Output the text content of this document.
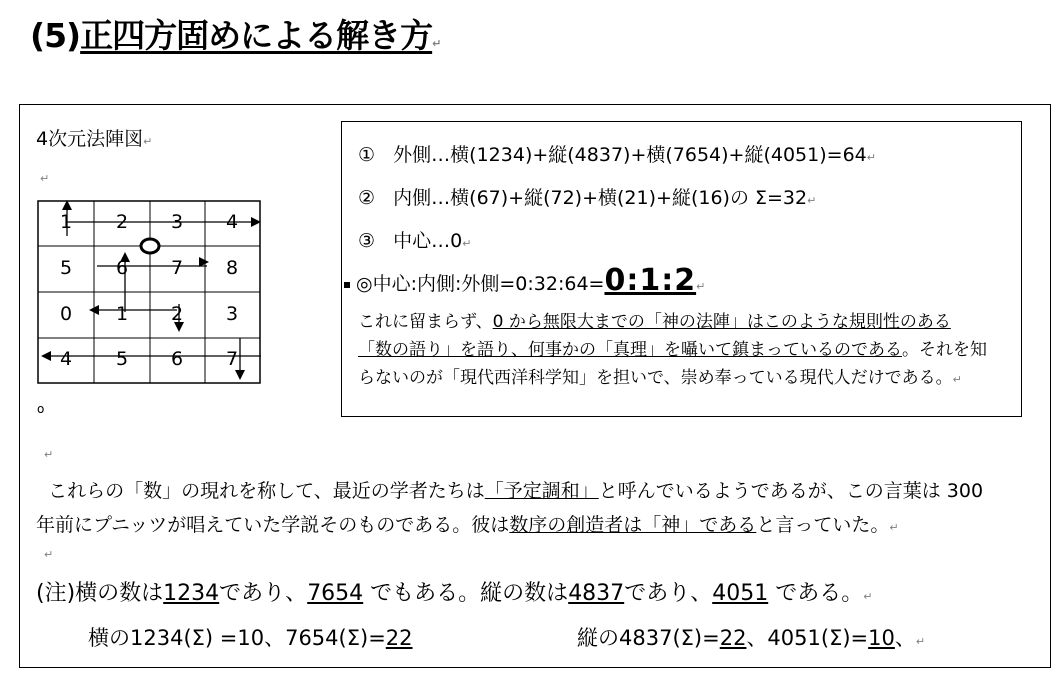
(5)正四方固めによる解き方↵
4次元法陣図↵
↵
1	2	3	4
5	6	7	8
0	1	2	3
4	5	6	7
o
↵
① 外側…横(1234)+縦(4837)+横(7654)+縦(4051)=64↵
② 内側…横(67)+縦(72)+横(21)+縦(16)の Σ=32↵
③ 中心…0↵
◎中心:内側:外側=0:32:64=0:1:2↵
これに留まらず、0 から無限大までの「神の法陣」はこのような規則性のある
「数の語り」を語り、何事かの「真理」を囁いて鎮まっているのである。それを知
らないのが「現代西洋科学知」を担いで、崇め奉っている現代人だけである。↵
これらの「数」の現れを称して、最近の学者たちは「予定調和」と呼んでいるようであるが、この言葉は 300
年前にプニッツが唱えていた学説そのものである。彼は数序の創造者は「神」であると言っていた。↵
↵
(注)横の数は1234であり、7654 でもある。縦の数は4837であり、4051 である。↵
横の1234(Σ) =10、7654(Σ)=22	縦の4837(Σ)=22、4051(Σ)=10、↵
